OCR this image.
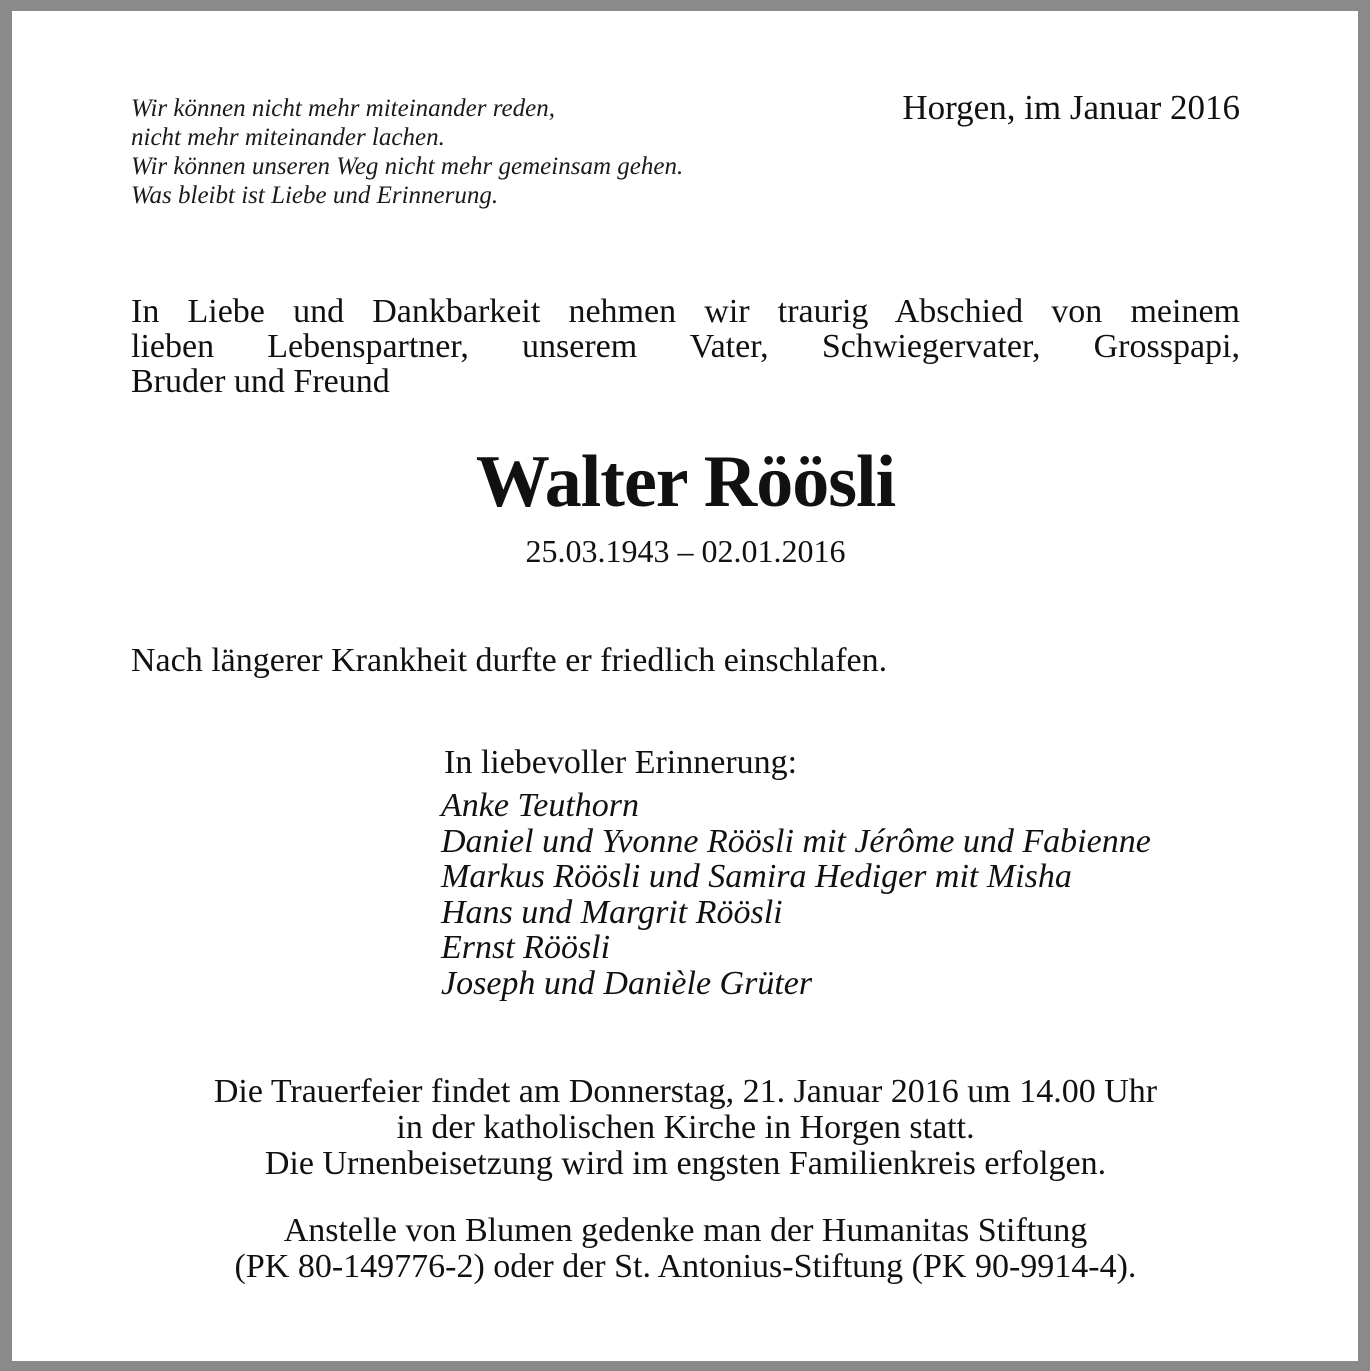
Wir können nicht mehr miteinander reden,
nicht mehr miteinander lachen.
Wir können unseren Weg nicht mehr gemeinsam gehen.
Was bleibt ist Liebe und Erinnerung.
Horgen, im Januar 2016
In Liebe und Dankbarkeit nehmen wir traurig Abschied von meinem
lieben Lebenspartner, unserem Vater, Schwiegervater, Grosspapi,
Bruder und Freund
Walter Röösli
25.03.1943 – 02.01.2016
Nach längerer Krankheit durfte er friedlich einschlafen.
In liebevoller Erinnerung:
Anke Teuthorn
Daniel und Yvonne Röösli mit Jérôme und Fabienne
Markus Röösli und Samira Hediger mit Misha
Hans und Margrit Röösli
Ernst Röösli
Joseph und Danièle Grüter
Die Trauerfeier findet am Donnerstag, 21. Januar 2016 um 14.00 Uhr
in der katholischen Kirche in Horgen statt.
Die Urnenbeisetzung wird im engsten Familienkreis erfolgen.
Anstelle von Blumen gedenke man der Humanitas Stiftung
(PK 80-149776-2) oder der St. Antonius-Stiftung (PK 90-9914-4).
